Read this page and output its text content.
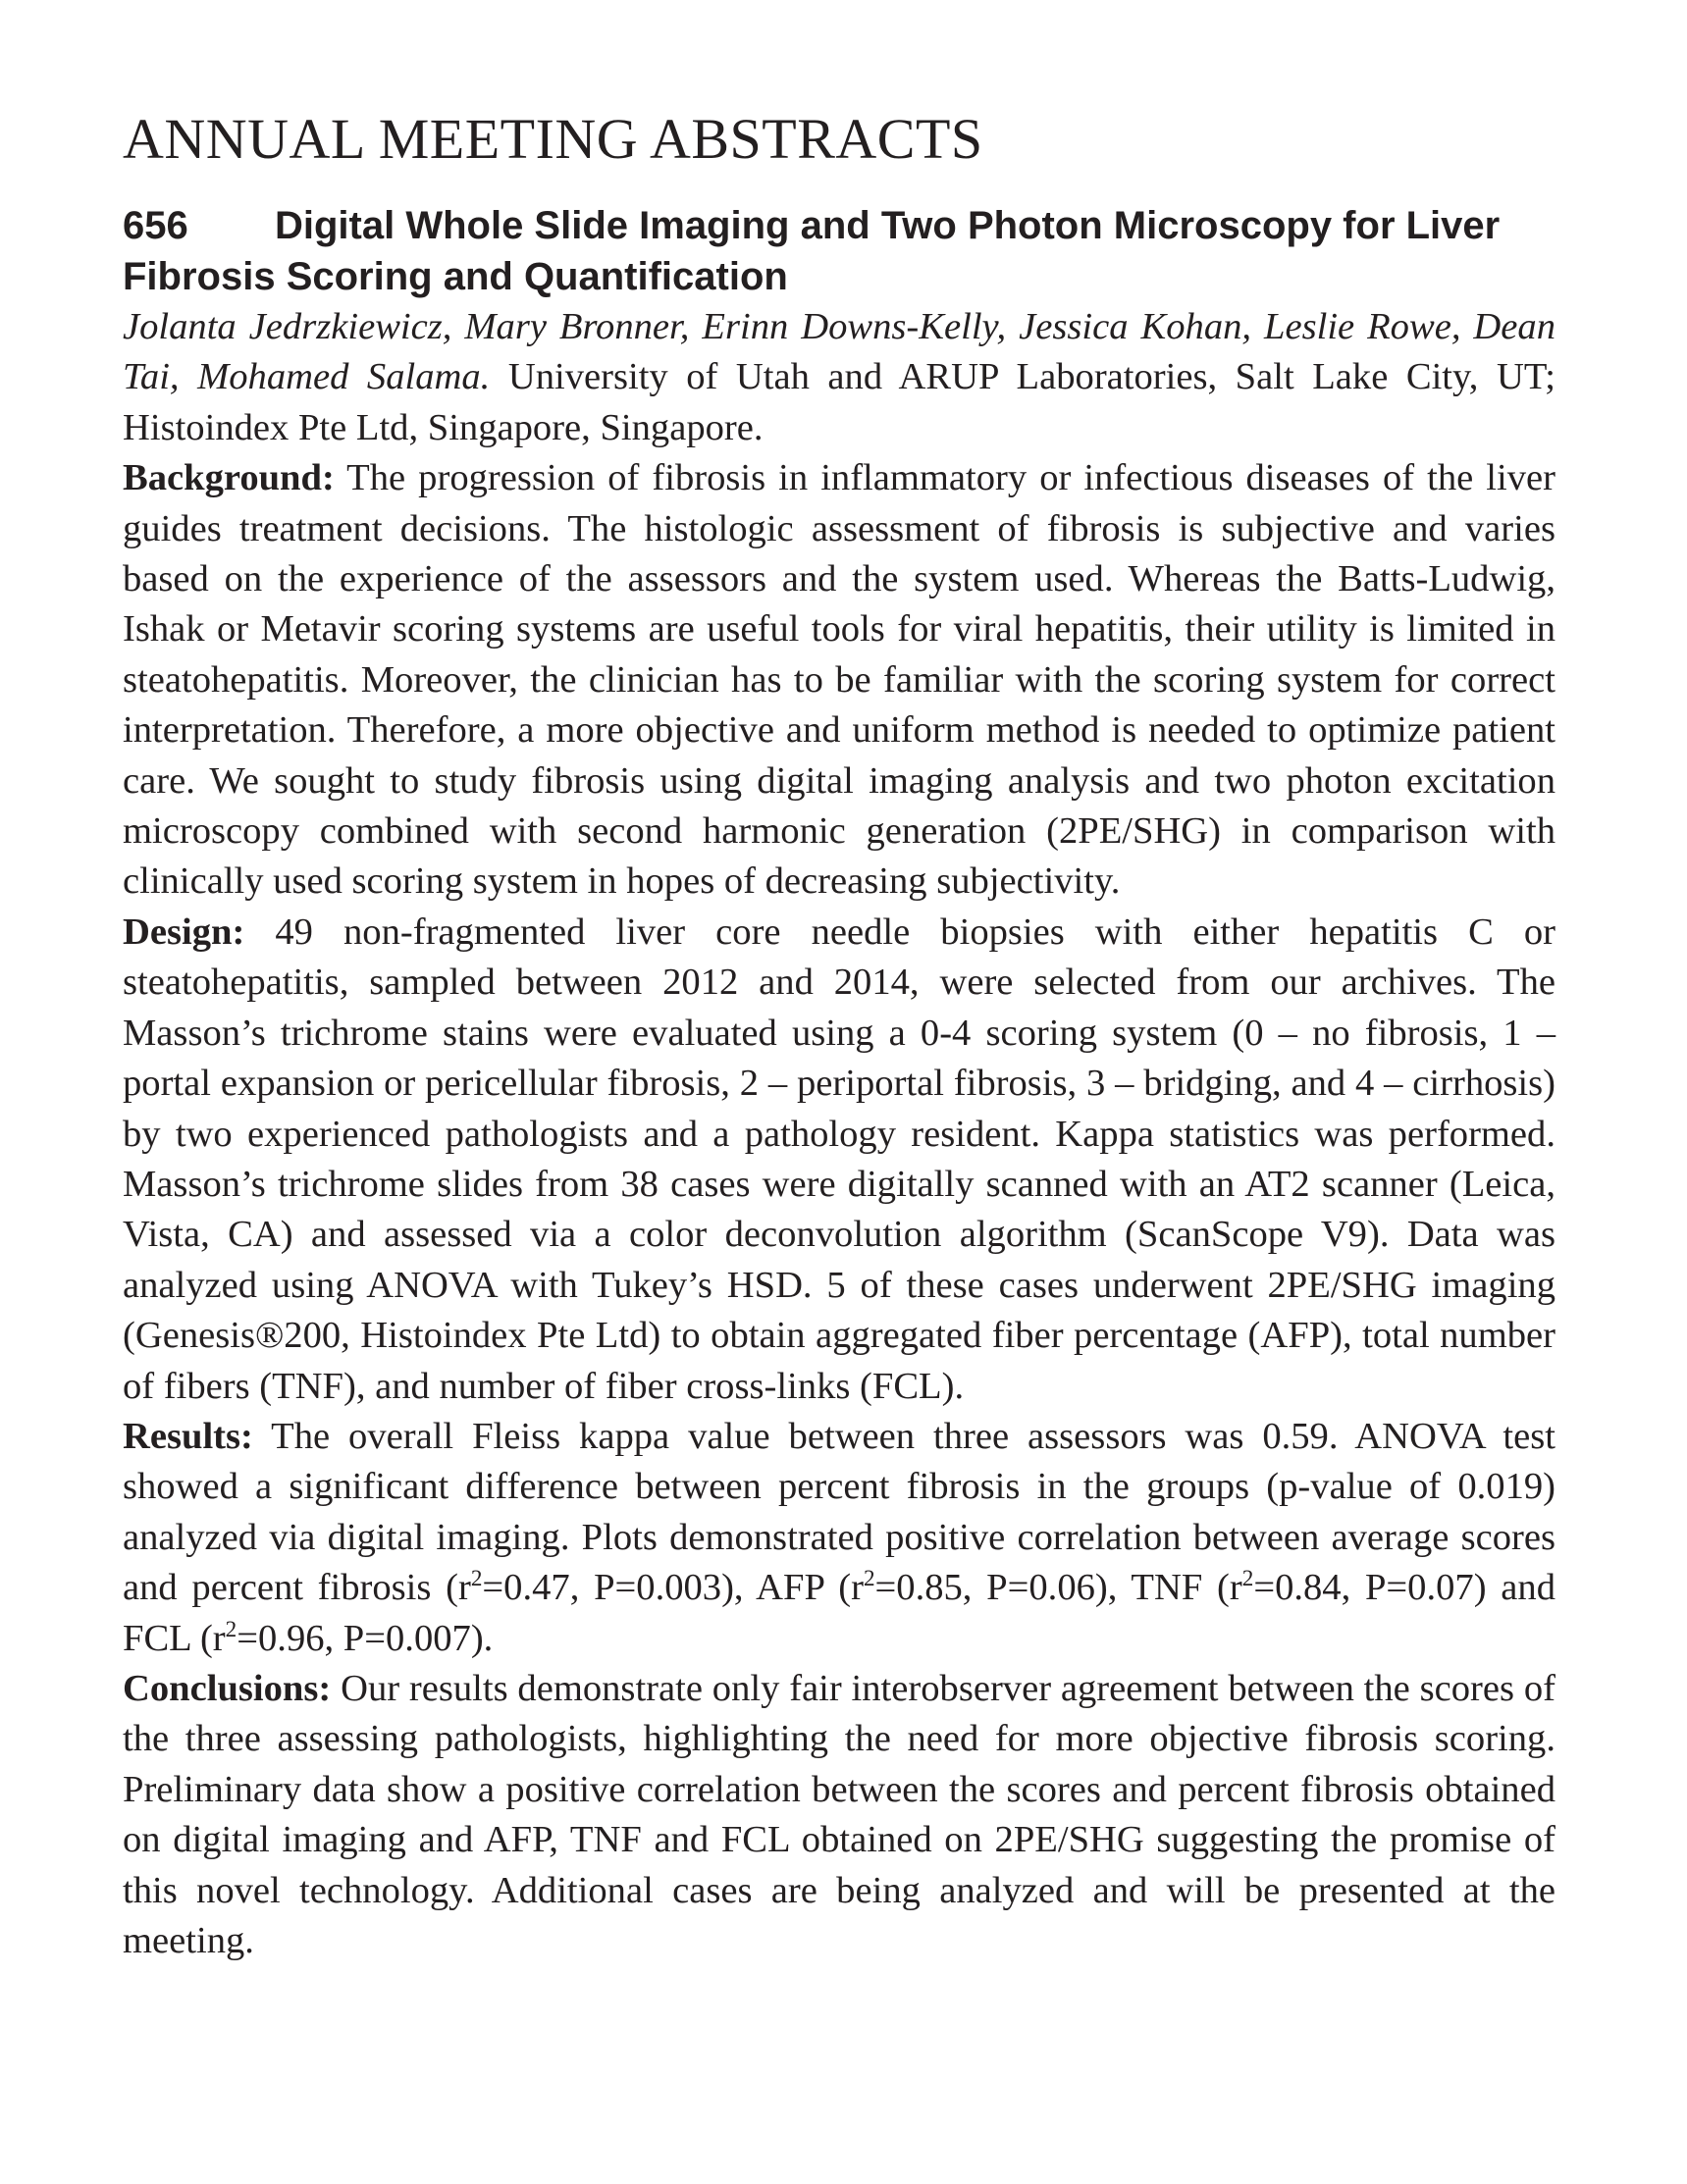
ANNUAL MEETING ABSTRACTS

656 Digital Whole Slide Imaging and Two Photon Microscopy for Liver Fibrosis Scoring and Quantification

Jolanta Jedrzkiewicz, Mary Bronner, Erinn Downs-Kelly, Jessica Kohan, Leslie Rowe, Dean Tai, Mohamed Salama. University of Utah and ARUP Laboratories, Salt Lake City, UT; Histoindex Pte Ltd, Singapore, Singapore.

Background: The progression of fibrosis in inflammatory or infectious diseases of the liver guides treatment decisions. The histologic assessment of fibrosis is subjective and varies based on the experience of the assessors and the system used. Whereas the Batts-Ludwig, Ishak or Metavir scoring systems are useful tools for viral hepatitis, their utility is limited in steatohepatitis. Moreover, the clinician has to be familiar with the scoring system for correct interpretation. Therefore, a more objective and uniform method is needed to optimize patient care. We sought to study fibrosis using digital imaging analysis and two photon excitation microscopy combined with second harmonic generation (2PE/SHG) in comparison with clinically used scoring system in hopes of decreasing subjectivity.

Design: 49 non-fragmented liver core needle biopsies with either hepatitis C or steatohepatitis, sampled between 2012 and 2014, were selected from our archives. The Masson’s trichrome stains were evaluated using a 0-4 scoring system (0 – no fibrosis, 1 –portal expansion or pericellular fibrosis, 2 – periportal fibrosis, 3 – bridging, and 4 – cirrhosis) by two experienced pathologists and a pathology resident. Kappa statistics was performed. Masson’s trichrome slides from 38 cases were digitally scanned with an AT2 scanner (Leica, Vista, CA) and assessed via a color deconvolution algorithm (ScanScope V9). Data was analyzed using ANOVA with Tukey’s HSD. 5 of these cases underwent 2PE/SHG imaging (Genesis®200, Histoindex Pte Ltd) to obtain aggregated fiber percentage (AFP), total number of fibers (TNF), and number of fiber cross-links (FCL).

Results: The overall Fleiss kappa value between three assessors was 0.59. ANOVA test showed a significant difference between percent fibrosis in the groups (p-value of 0.019) analyzed via digital imaging. Plots demonstrated positive correlation between average scores and percent fibrosis ($r^2=0.47$, P=0.003), AFP ($r^2=0.85$, P=0.06), TNF ($r^2=0.84$, P=0.07) and FCL ($r^2=0.96$, P=0.007).

Conclusions: Our results demonstrate only fair interobserver agreement between the scores of the three assessing pathologists, highlighting the need for more objective fibrosis scoring. Preliminary data show a positive correlation between the scores and percent fibrosis obtained on digital imaging and AFP, TNF and FCL obtained on 2PE/SHG suggesting the promise of this novel technology. Additional cases are being analyzed and will be presented at the meeting.
